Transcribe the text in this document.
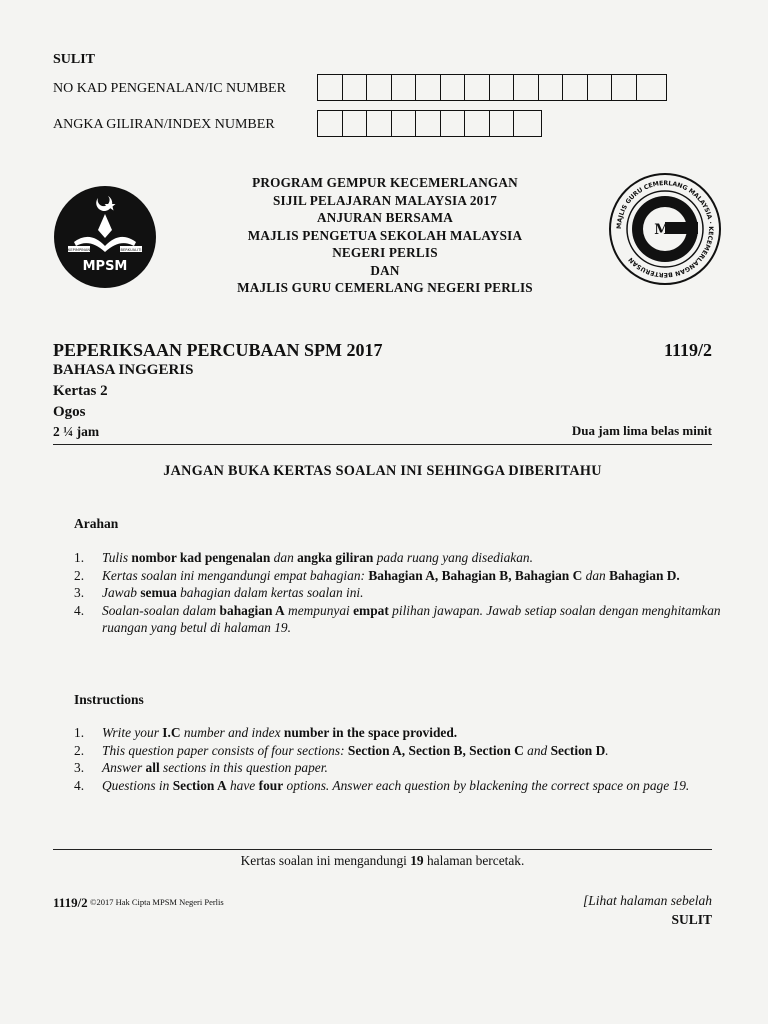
SULIT
NO KAD PENGENALAN/IC NUMBER
ANGKA GILIRAN/INDEX NUMBER
KEPIMPINAN	BERKUALITI
MPSM
PROGRAM GEMPUR KECEMERLANGAN
SIJIL PELAJARAN MALAYSIA 2017
ANJURAN BERSAMA
MAJLIS PENGETUA SEKOLAH MALAYSIA
NEGERI PERLIS
DAN
MAJLIS GURU CEMERLANG NEGERI PERLIS
MAJLIS GURU CEMERLANG MALAYSIA · KECEMERLANGAN BERTERUSAN
M
PEPERIKSAAN PERCUBAAN SPM 2017	1119/2
BAHASA INGGERIS
Kertas 2
Ogos
2 ¼ jam	Dua jam lima belas minit
JANGAN BUKA KERTAS SOALAN INI SEHINGGA DIBERITAHU
Arahan
1.	Tulis nombor kad pengenalan dan angka giliran pada ruang yang disediakan.
2.	Kertas soalan ini mengandungi empat bahagian: Bahagian A, Bahagian B, Bahagian C dan Bahagian D.
3.	Jawab semua bahagian dalam kertas soalan ini.
4.	Soalan-soalan dalam bahagian A mempunyai empat pilihan jawapan. Jawab setiap soalan dengan menghitamkan ruangan yang betul di halaman 19.
Instructions
1.	Write your I.C number and index number in the space provided.
2.	This question paper consists of four sections: Section A, Section B, Section C and Section D.
3.	Answer all sections in this question paper.
4.	Questions in Section A have four options. Answer each question by blackening the correct space on page 19.
Kertas soalan ini mengandungi 19 halaman bercetak.
1119/2 ©2017 Hak Cipta MPSM Negeri Perlis	[Lihat halaman sebelah
SULIT
